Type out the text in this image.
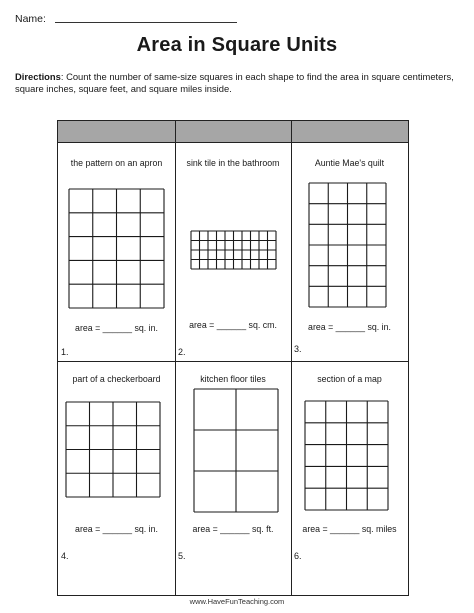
Name:
Area in Square Units
Directions: Count the number of same-size squares in each shape to find the area in square centimeters, square inches, square feet, and square miles inside.
the pattern on an apron
area = ______ sq. in.
1.
sink tile in the bathroom
area = ______ sq. cm.
2.
Auntie Mae's quilt
area = ______ sq. in.
3.
part of a checkerboard
area = ______ sq. in.
4.
kitchen floor tiles
area = ______ sq. ft.
5.
section of a map
area = ______ sq. miles
6.
www.HaveFunTeaching.com
